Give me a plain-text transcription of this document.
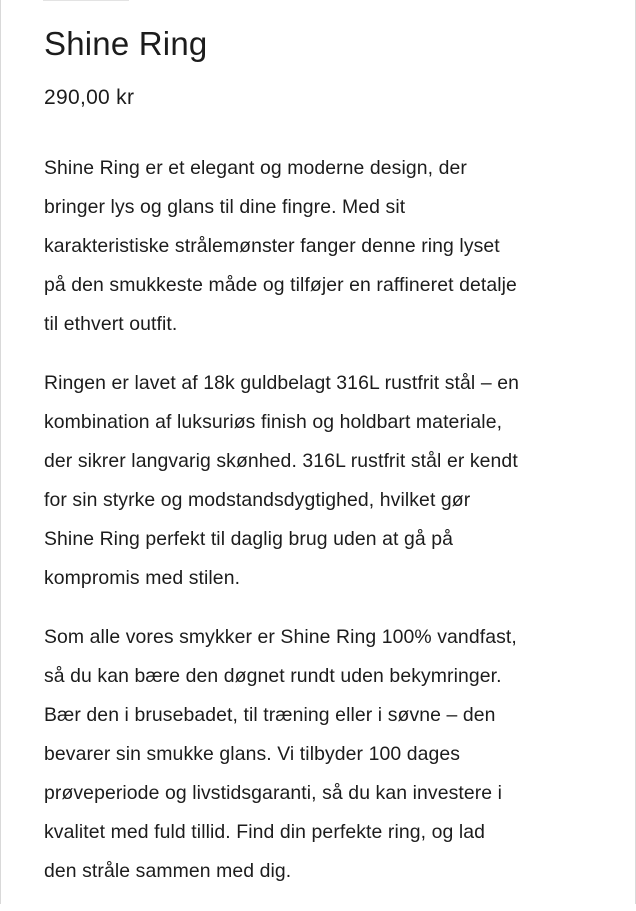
Shine Ring
290,00 kr

Shine Ring er et elegant og moderne design, der
bringer lys og glans til dine fingre. Med sit
karakteristiske strålemønster fanger denne ring lyset
på den smukkeste måde og tilføjer en raffineret detalje
til ethvert outfit.

Ringen er lavet af 18k guldbelagt 316L rustfrit stål – en
kombination af luksuriøs finish og holdbart materiale,
der sikrer langvarig skønhed. 316L rustfrit stål er kendt
for sin styrke og modstandsdygtighed, hvilket gør
Shine Ring perfekt til daglig brug uden at gå på
kompromis med stilen.

Som alle vores smykker er Shine Ring 100% vandfast,
så du kan bære den døgnet rundt uden bekymringer.
Bær den i brusebadet, til træning eller i søvne – den
bevarer sin smukke glans. Vi tilbyder 100 dages
prøveperiode og livstidsgaranti, så du kan investere i
kvalitet med fuld tillid. Find din perfekte ring, og lad
den stråle sammen med dig.
